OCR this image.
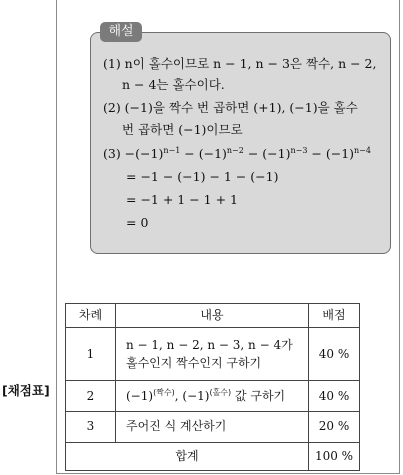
해설
(1) n이 홀수이므로 n − 1, n − 3은 짝수, n − 2,
n − 4는 홀수이다.
(2) (−1)을 짝수 번 곱하면 (+1), (−1)을 홀수
번 곱하면 (−1)이므로
$(3) -(-1)^{n-1} - (-1)^{n-2} - (-1)^{n-3} - (-1)^{n-4}$
= −1 − (−1) − 1 − (−1)
= −1 + 1 − 1 + 1
= 0
[채점표]
차례	내용	배점
1	n − 1, n − 2, n − 3, n − 4가
홀수인지 짝수인지 구하기	40 %
2	$(-1)^{(짝수)}$, $(-1)^{(홀수)}$ 값 구하기	40 %
3	주어진 식 계산하기	20 %
합계		100 %
